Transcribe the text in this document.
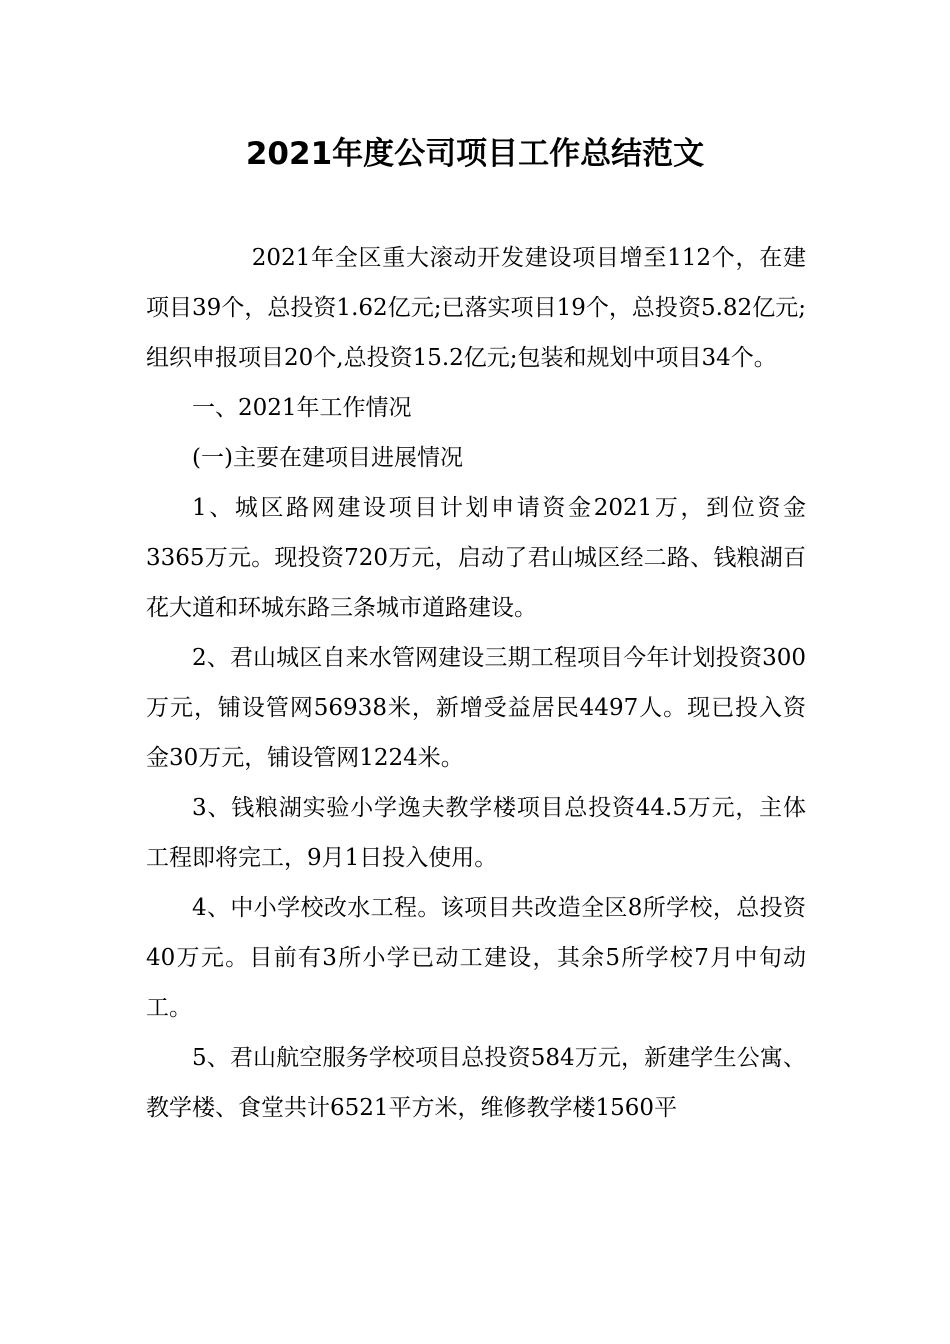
2021年度公司项目工作总结范文

2021年全区重大滚动开发建设项目增至112个，在建项目39个，总投资1.62亿元;已落实项目19个，总投资5.82亿元;组织申报项目20个,总投资15.2亿元;包装和规划中项目34个。

一、2021年工作情况

(一)主要在建项目进展情况

1、城区路网建设项目计划申请资金2021万，到位资金3365万元。现投资720万元，启动了君山城区经二路、钱粮湖百花大道和环城东路三条城市道路建设。

2、君山城区自来水管网建设三期工程项目今年计划投资300万元，铺设管网56938米，新增受益居民4497人。现已投入资金30万元，铺设管网1224米。

3、钱粮湖实验小学逸夫教学楼项目总投资44.5万元，主体工程即将完工，9月1日投入使用。

4、中小学校改水工程。该项目共改造全区8所学校，总投资40万元。目前有3所小学已动工建设，其余5所学校7月中旬动工。

5、君山航空服务学校项目总投资584万元，新建学生公寓、教学楼、食堂共计6521平方米，维修教学楼1560平
